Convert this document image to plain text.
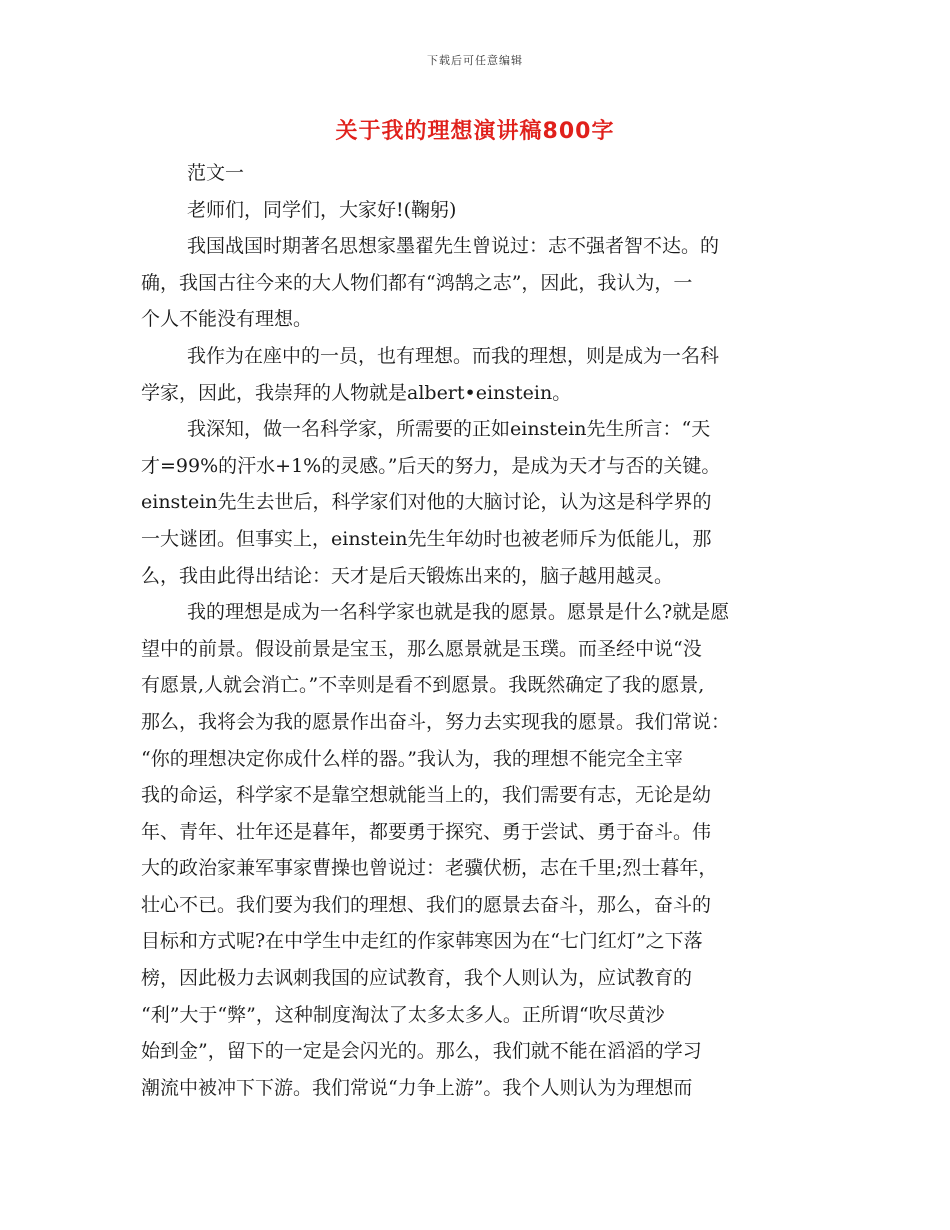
下载后可任意编辑
关于我的理想演讲稿800字
范文一
老师们，同学们，大家好!(鞠躬)
我国战国时期著名思想家墨翟先生曾说过：志不强者智不达。的
确，我国古往今来的大人物们都有“鸿鹄之志”，因此，我认为，一
个人不能没有理想。
我作为在座中的一员，也有理想。而我的理想，则是成为一名科
学家，因此，我崇拜的人物就是albert•einstein。
我深知，做一名科学家，所需要的正如einstein先生所言：“天
才=99%的汗水+1%的灵感。”后天的努力，是成为天才与否的关键。
einstein先生去世后，科学家们对他的大脑讨论，认为这是科学界的
一大谜团。但事实上，einstein先生年幼时也被老师斥为低能儿，那
么，我由此得出结论：天才是后天锻炼出来的，脑子越用越灵。
我的理想是成为一名科学家也就是我的愿景。愿景是什么?就是愿
望中的前景。假设前景是宝玉，那么愿景就是玉璞。而圣经中说“没
有愿景,人就会消亡。”不幸则是看不到愿景。我既然确定了我的愿景,
那么，我将会为我的愿景作出奋斗，努力去实现我的愿景。我们常说：
“你的理想决定你成什么样的器。”我认为，我的理想不能完全主宰
我的命运，科学家不是靠空想就能当上的，我们需要有志，无论是幼
年、青年、壮年还是暮年，都要勇于探究、勇于尝试、勇于奋斗。伟
大的政治家兼军事家曹操也曾说过：老骥伏枥，志在千里;烈士暮年，
壮心不已。我们要为我们的理想、我们的愿景去奋斗，那么，奋斗的
目标和方式呢?在中学生中走红的作家韩寒因为在“七门红灯”之下落
榜，因此极力去讽刺我国的应试教育，我个人则认为，应试教育的
“利”大于“弊”，这种制度淘汰了太多太多人。正所谓“吹尽黄沙
始到金”，留下的一定是会闪光的。那么，我们就不能在滔滔的学习
潮流中被冲下下游。我们常说“力争上游”。我个人则认为为理想而
